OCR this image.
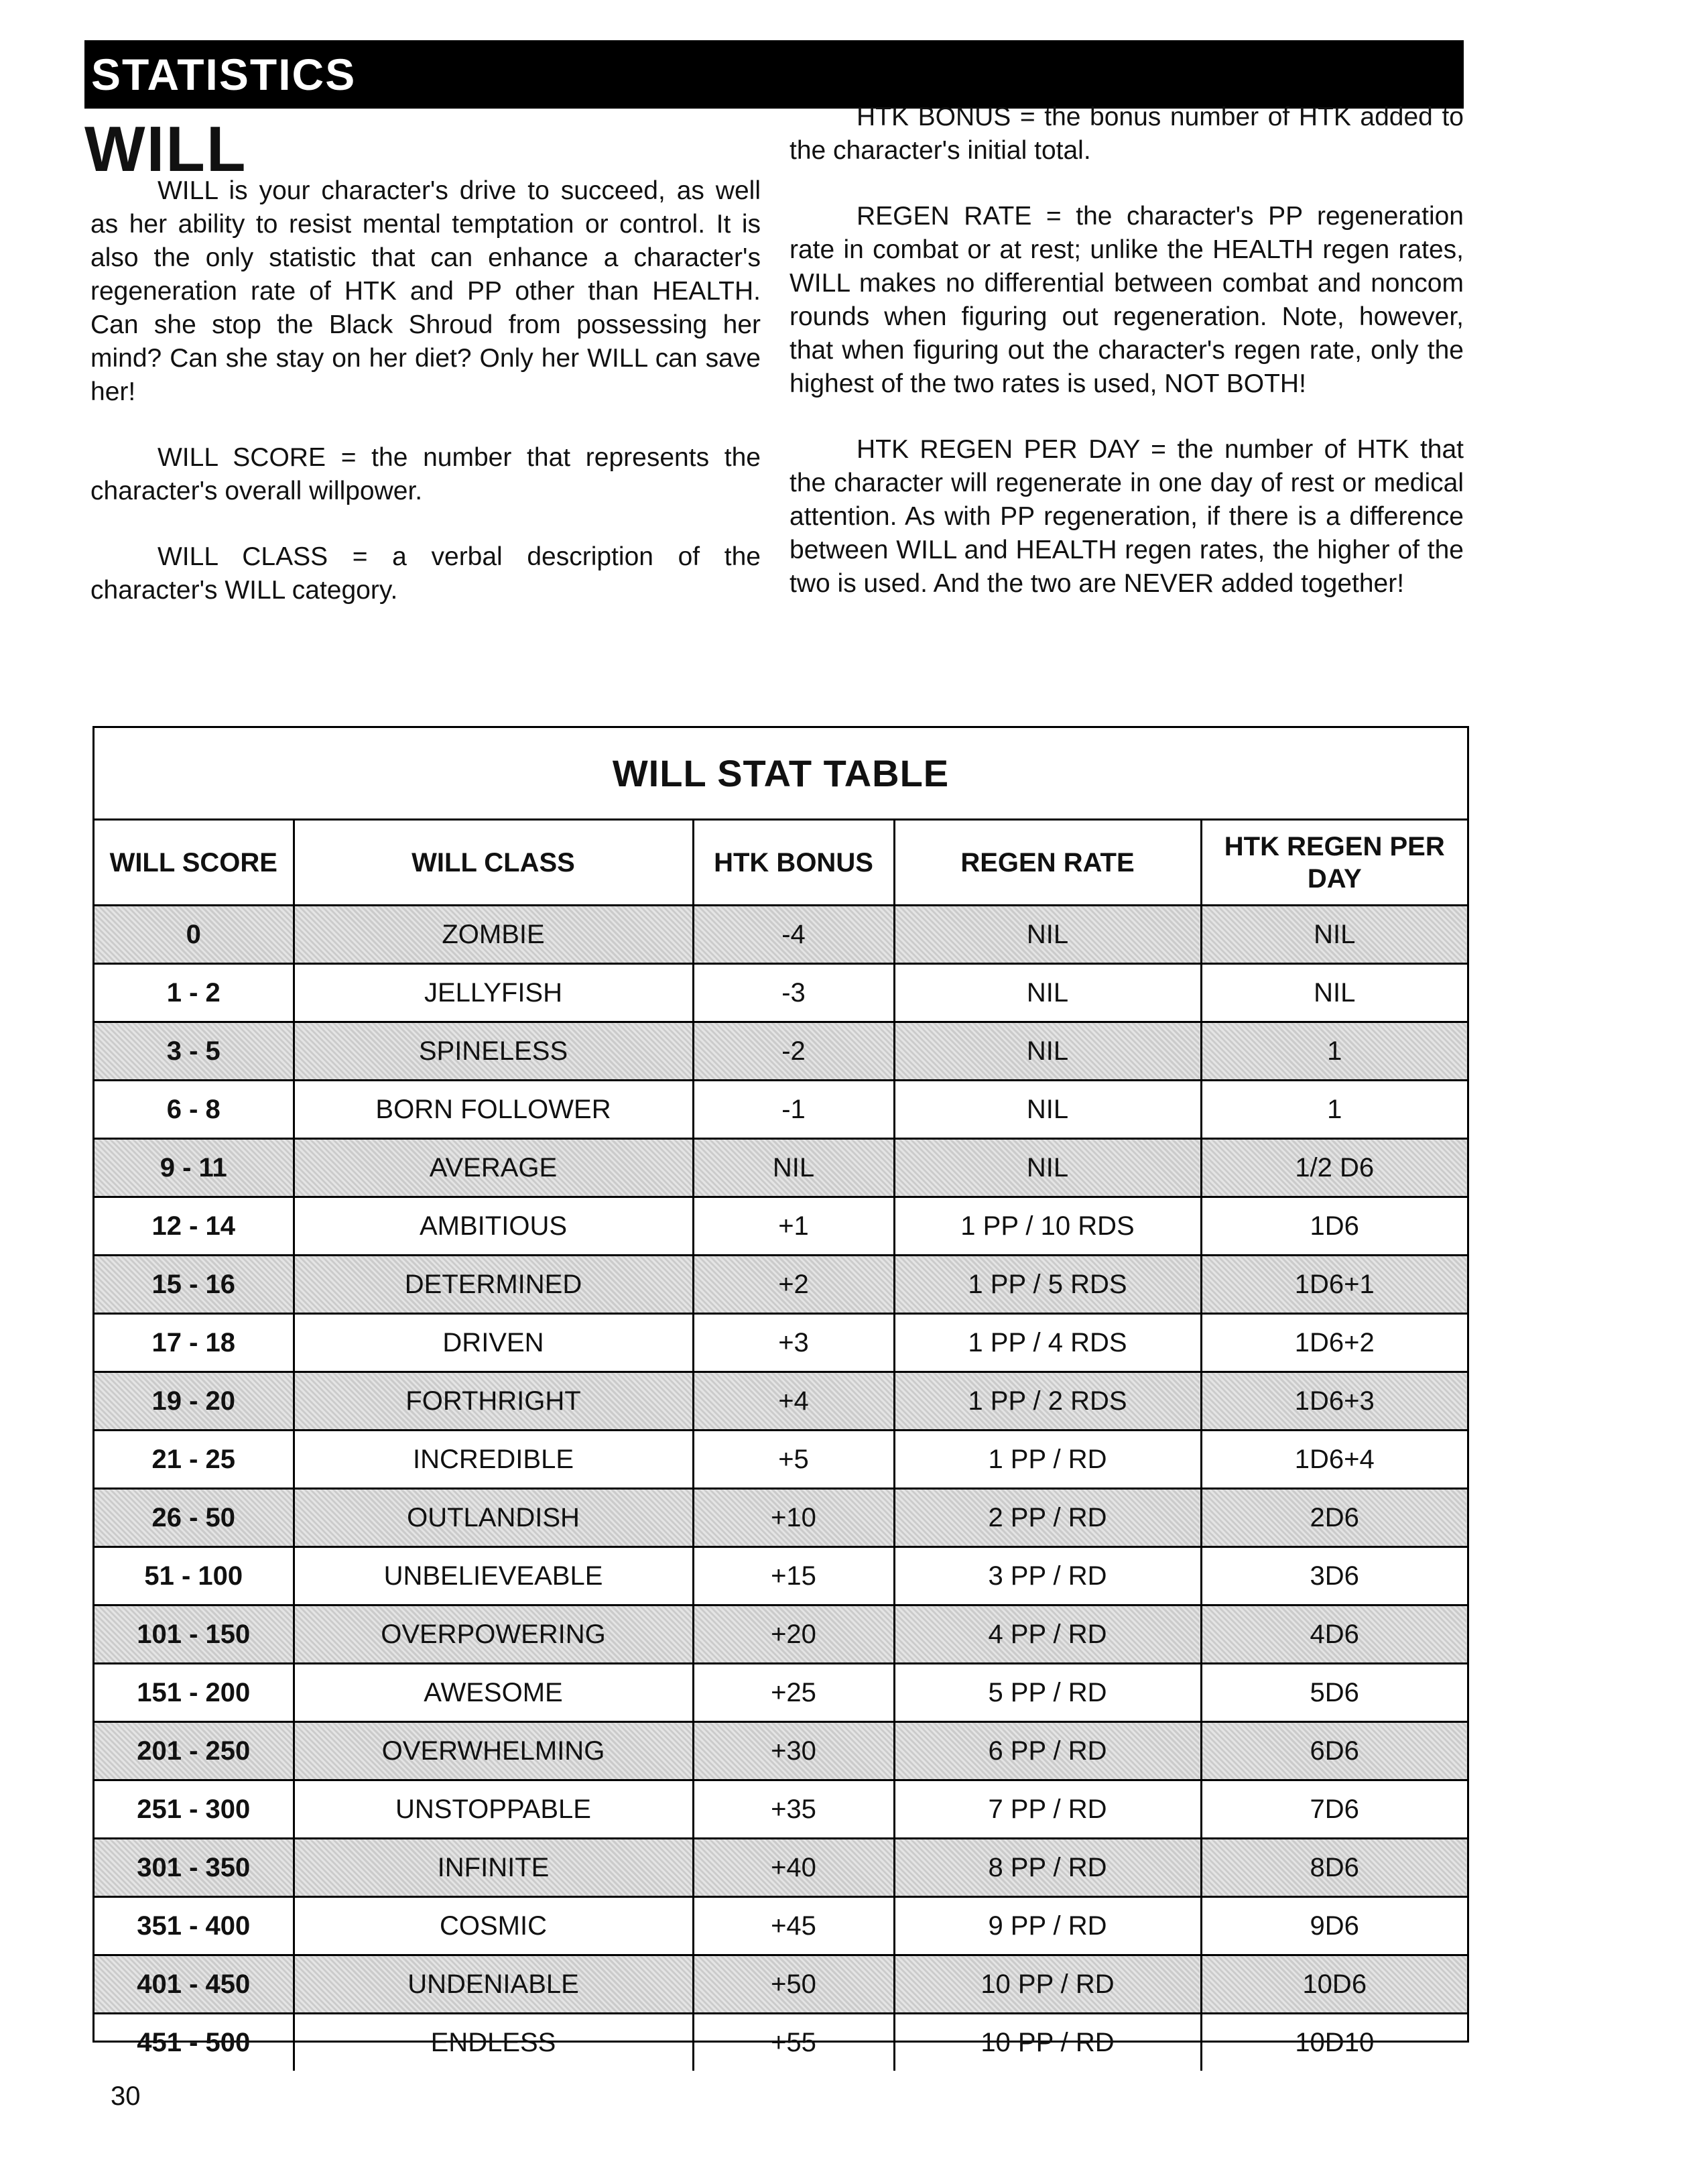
STATISTICS
WILL

WILL is your character's drive to succeed, as well as her ability to resist mental temptation or control. It is also the only statistic that can enhance a character's regeneration rate of HTK and PP other than HEALTH. Can she stop the Black Shroud from possessing her mind? Can she stay on her diet? Only her WILL can save her!

WILL SCORE = the number that represents the character's overall willpower.

WILL CLASS = a verbal description of the character's WILL category.

HTK BONUS = the bonus number of HTK added to the character's initial total.

REGEN RATE = the character's PP regeneration rate in combat or at rest; unlike the HEALTH regen rates, WILL makes no differential between combat and noncom rounds when figuring out regeneration. Note, however, that when figuring out the character's regen rate, only the highest of the two rates is used, NOT BOTH!

HTK REGEN PER DAY = the number of HTK that the character will regenerate in one day of rest or medical attention. As with PP regeneration, if there is a difference between WILL and HEALTH regen rates, the higher of the two is used. And the two are NEVER added together!

WILL STAT TABLE
WILL SCORE	WILL CLASS	HTK BONUS	REGEN RATE	HTK REGEN PER DAY
0	ZOMBIE	-4	NIL	NIL
1 - 2	JELLYFISH	-3	NIL	NIL
3 - 5	SPINELESS	-2	NIL	1
6 - 8	BORN FOLLOWER	-1	NIL	1
9 - 11	AVERAGE	NIL	NIL	1/2 D6
12 - 14	AMBITIOUS	+1	1 PP / 10 RDS	1D6
15 - 16	DETERMINED	+2	1 PP / 5 RDS	1D6+1
17 - 18	DRIVEN	+3	1 PP / 4 RDS	1D6+2
19 - 20	FORTHRIGHT	+4	1 PP / 2 RDS	1D6+3
21 - 25	INCREDIBLE	+5	1 PP / RD	1D6+4
26 - 50	OUTLANDISH	+10	2 PP / RD	2D6
51 - 100	UNBELIEVEABLE	+15	3 PP / RD	3D6
101 - 150	OVERPOWERING	+20	4 PP / RD	4D6
151 - 200	AWESOME	+25	5 PP / RD	5D6
201 - 250	OVERWHELMING	+30	6 PP / RD	6D6
251 - 300	UNSTOPPABLE	+35	7 PP / RD	7D6
301 - 350	INFINITE	+40	8 PP / RD	8D6
351 - 400	COSMIC	+45	9 PP / RD	9D6
401 - 450	UNDENIABLE	+50	10 PP / RD	10D6
451 - 500	ENDLESS	+55	10 PP / RD	10D10
30
